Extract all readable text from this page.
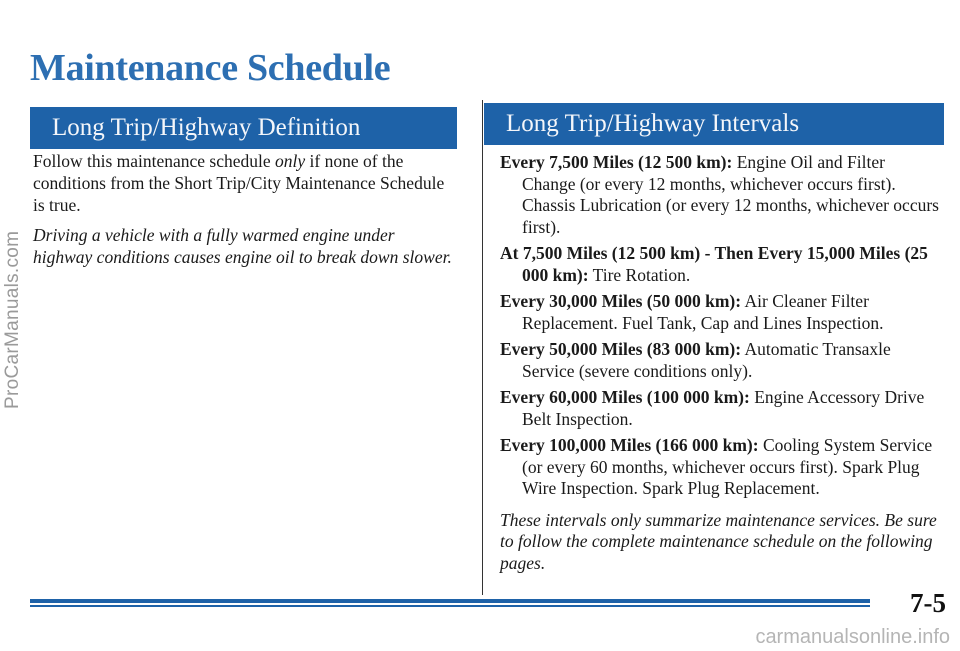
ProCarManuals.com
Maintenance Schedule
Long Trip/Highway Definition	Long Trip/Highway Intervals

Follow this maintenance schedule only if none of the conditions from the Short Trip/City Maintenance Schedule is true.

Driving a vehicle with a fully warmed engine under highway conditions causes engine oil to break down slower.

Every 7,500 Miles (12 500 km): Engine Oil and Filter Change (or every 12 months, whichever occurs first). Chassis Lubrication (or every 12 months, whichever occurs first).

At 7,500 Miles (12 500 km) - Then Every 15,000 Miles (25 000 km): Tire Rotation.

Every 30,000 Miles (50 000 km): Air Cleaner Filter Replacement. Fuel Tank, Cap and Lines Inspection.

Every 50,000 Miles (83 000 km): Automatic Transaxle Service (severe conditions only).

Every 60,000 Miles (100 000 km): Engine Accessory Drive Belt Inspection.

Every 100,000 Miles (166 000 km): Cooling System Service (or every 60 months, whichever occurs first). Spark Plug Wire Inspection. Spark Plug Replacement.

These intervals only summarize maintenance services. Be sure to follow the complete maintenance schedule on the following pages.

7-5
carmanualsonline.info
